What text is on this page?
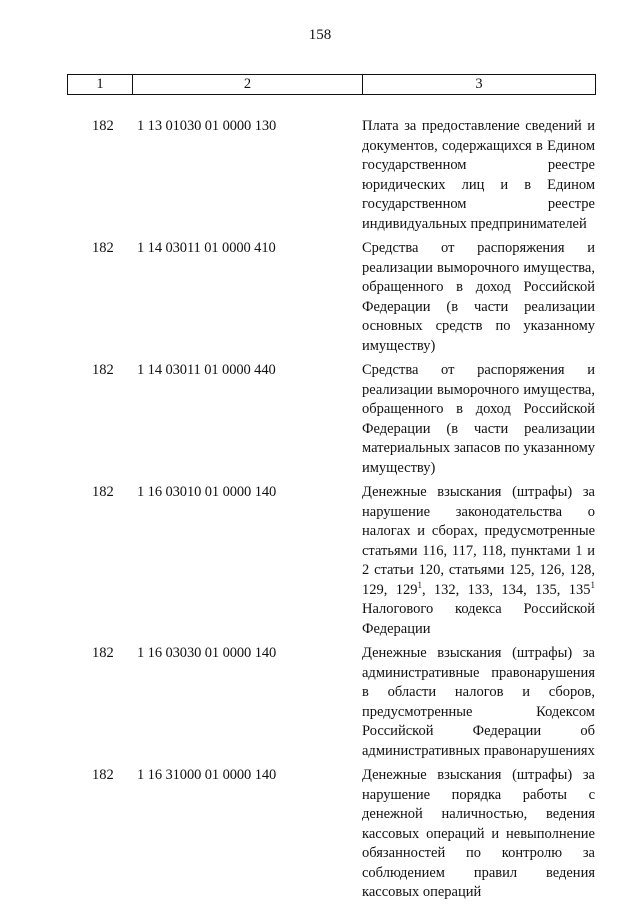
158

1	2	3
182	1 13 01030 01 0000 130	Плата за предоставление сведений и документов, содержащихся в Едином государственном реестре юридических лиц и в Едином государственном реестре индивидуальных предпринимателей
182	1 14 03011 01 0000 410	Средства от распоряжения и реализации выморочного имущества, обращенного в доход Российской Федерации (в части реализации основных средств по указанному имуществу)
182	1 14 03011 01 0000 440	Средства от распоряжения и реализации выморочного имущества, обращенного в доход Российской Федерации (в части реализации материальных запасов по указанному имуществу)
182	1 16 03010 01 0000 140	Денежные взыскания (штрафы) за нарушение законодательства о налогах и сборах, предусмотренные статьями 116, 117, 118, пунктами 1 и 2 статьи 120, статьями 125, 126, 128, 129, $129^1$, 132, 133, 134, 135, $135^1$ Налогового кодекса Российской Федерации
182	1 16 03030 01 0000 140	Денежные взыскания (штрафы) за административные правонарушения в области налогов и сборов, предусмотренные Кодексом Российской Федерации об административных правонарушениях
182	1 16 31000 01 0000 140	Денежные взыскания (штрафы) за нарушение порядка работы с денежной наличностью, ведения кассовых операций и невыполнение обязанностей по контролю за соблюдением правил ведения кассовых операций
